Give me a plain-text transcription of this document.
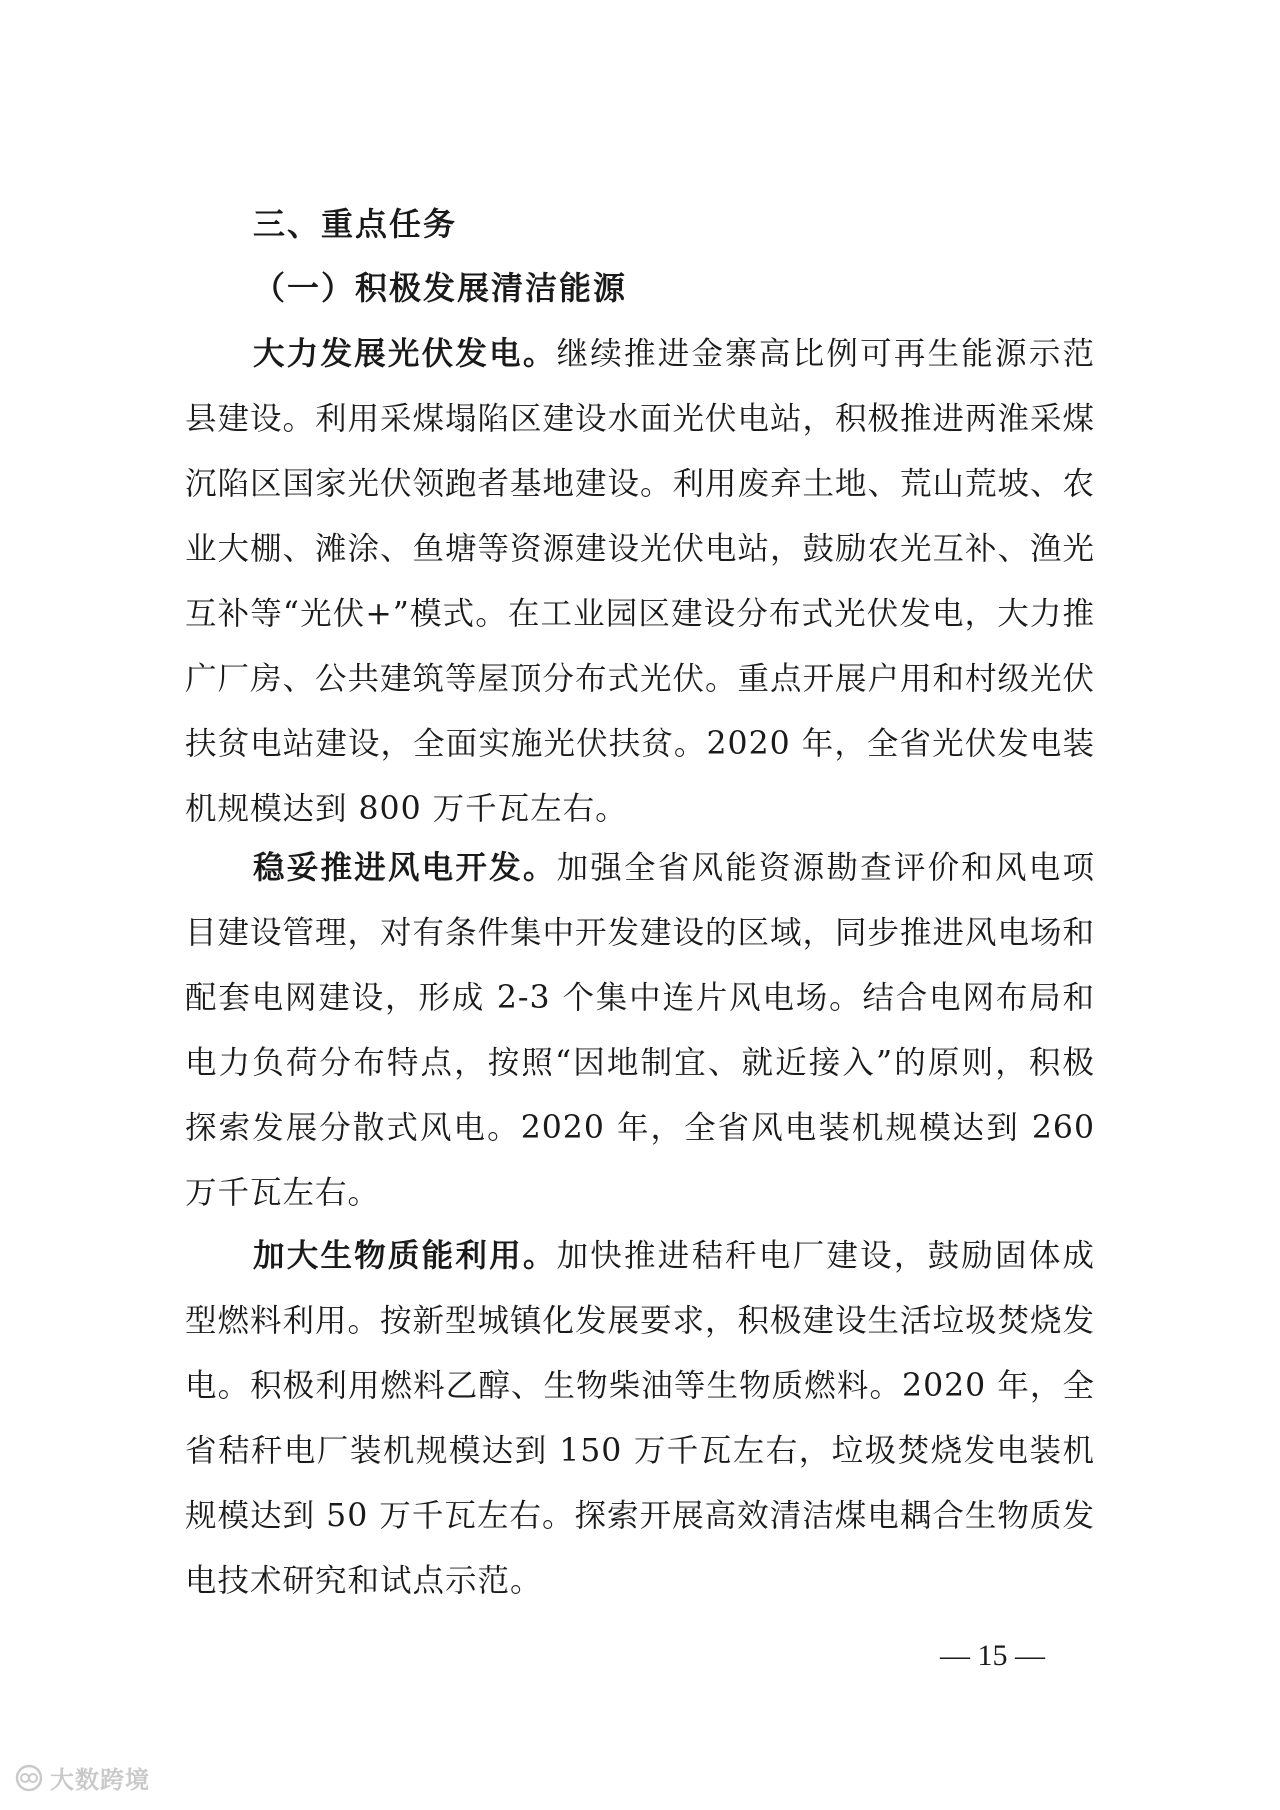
三、重点任务
（一）积极发展清洁能源

大力发展光伏发电。继续推进金寨高比例可再生能源示范县建设。利用采煤塌陷区建设水面光伏电站，积极推进两淮采煤沉陷区国家光伏领跑者基地建设。利用废弃土地、荒山荒坡、农业大棚、滩涂、鱼塘等资源建设光伏电站，鼓励农光互补、渔光互补等“光伏+”模式。在工业园区建设分布式光伏发电，大力推广厂房、公共建筑等屋顶分布式光伏。重点开展户用和村级光伏扶贫电站建设，全面实施光伏扶贫。2020 年，全省光伏发电装机规模达到 800 万千瓦左右。

稳妥推进风电开发。加强全省风能资源勘查评价和风电项目建设管理，对有条件集中开发建设的区域，同步推进风电场和配套电网建设，形成 2-3 个集中连片风电场。结合电网布局和电力负荷分布特点，按照“因地制宜、就近接入”的原则，积极探索发展分散式风电。2020 年，全省风电装机规模达到 260 万千瓦左右。

加大生物质能利用。加快推进秸秆电厂建设，鼓励固体成型燃料利用。按新型城镇化发展要求，积极建设生活垃圾焚烧发电。积极利用燃料乙醇、生物柴油等生物质燃料。2020 年，全省秸秆电厂装机规模达到 150 万千瓦左右，垃圾焚烧发电装机规模达到 50 万千瓦左右。探索开展高效清洁煤电耦合生物质发电技术研究和试点示范。

— 15 —
大数跨境
